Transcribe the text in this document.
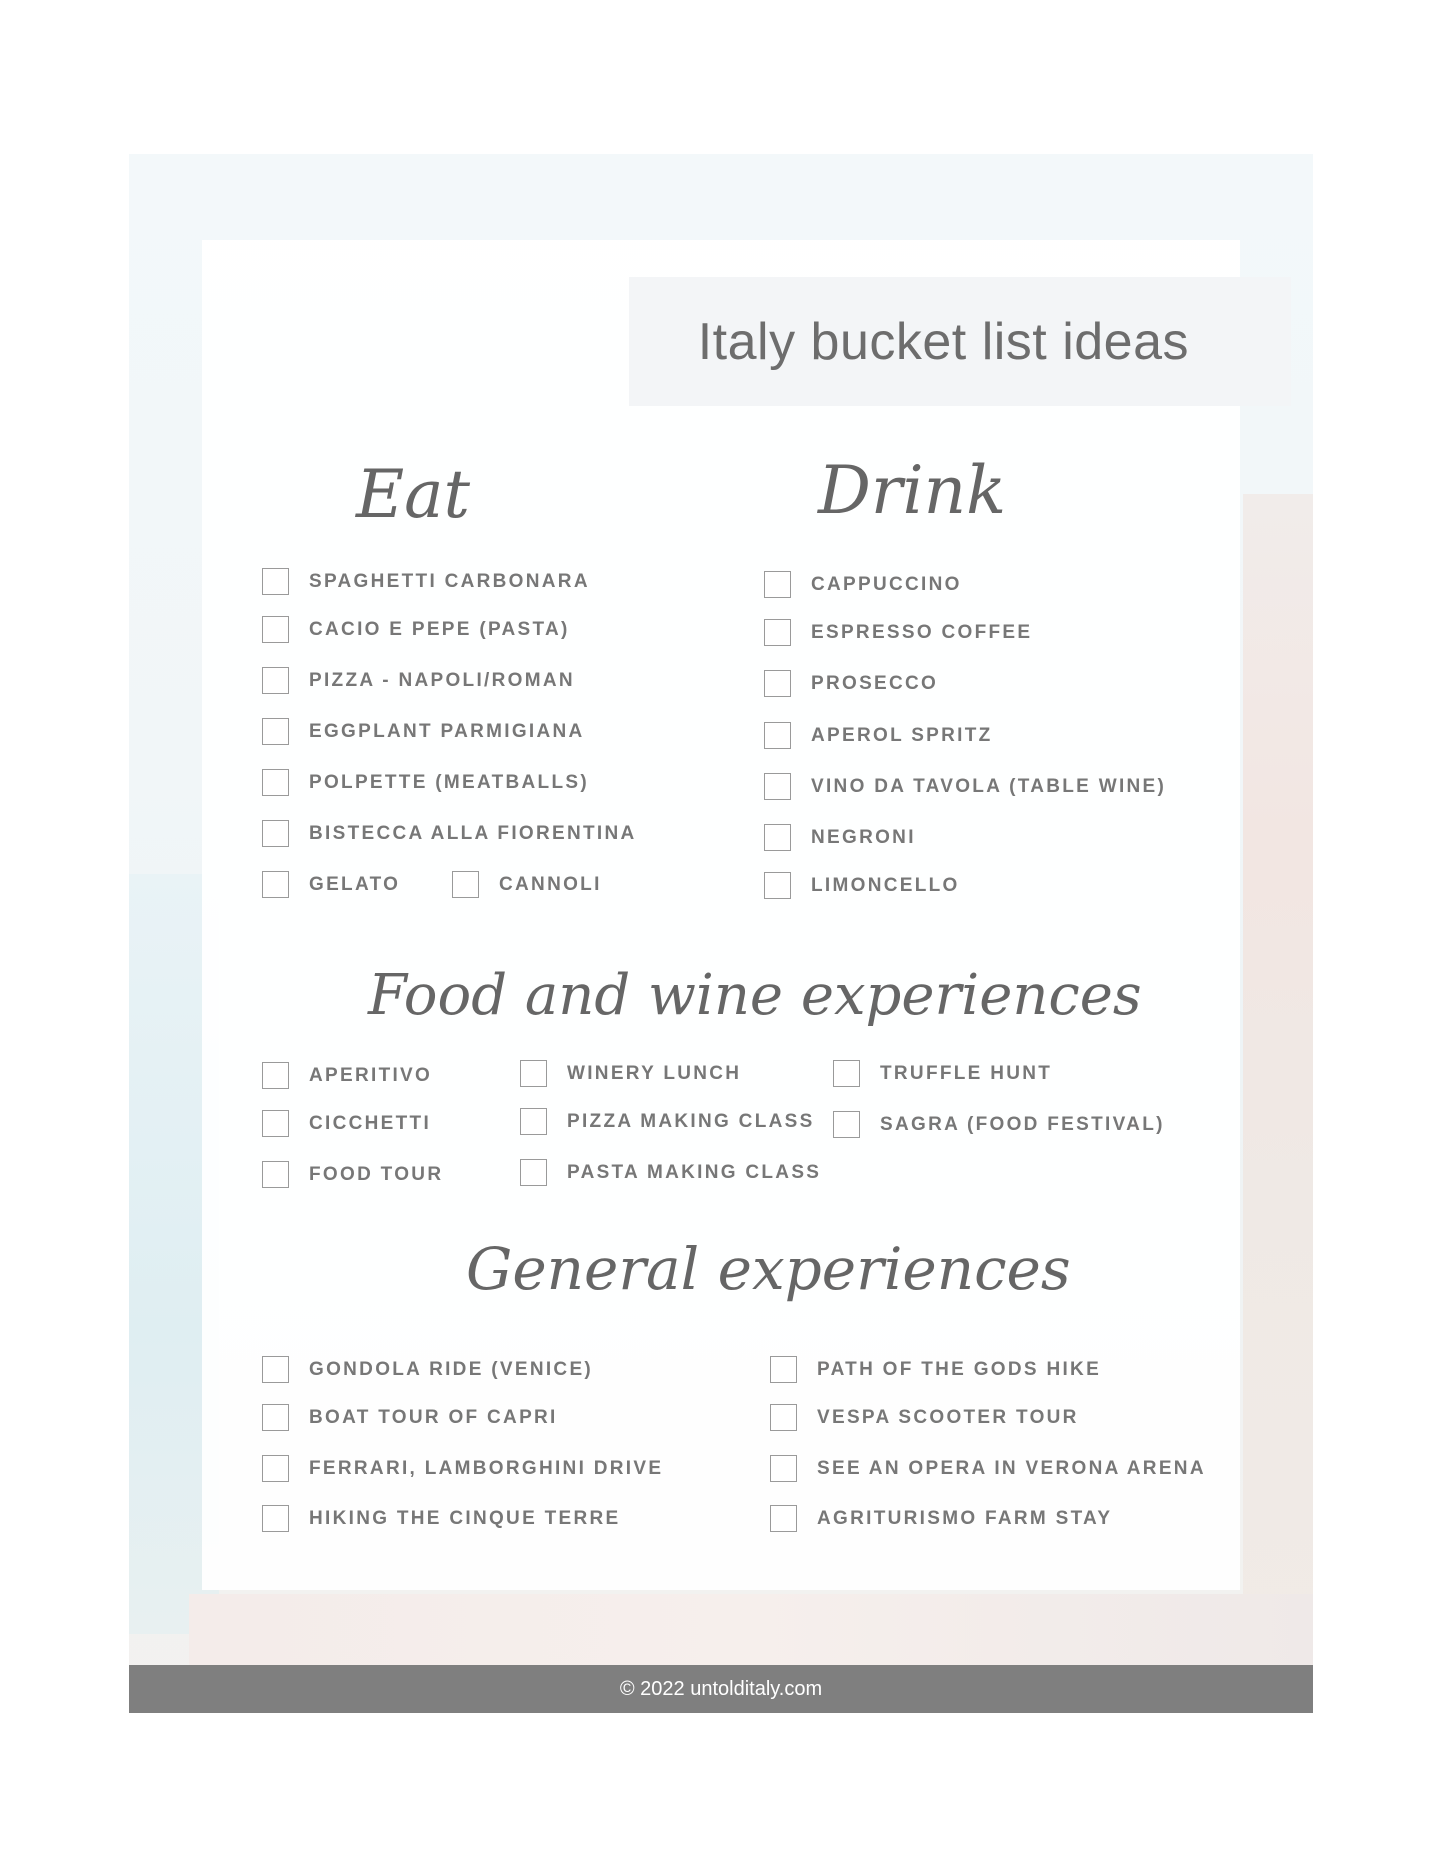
Italy bucket list ideas
Eat
SPAGHETTI CARBONARA
CACIO E PEPE (PASTA)
PIZZA - NAPOLI/ROMAN
EGGPLANT PARMIGIANA
POLPETTE (MEATBALLS)
BISTECCA ALLA FIORENTINA
GELATO	CANNOLI
Drink
CAPPUCCINO
ESPRESSO COFFEE
PROSECCO
APEROL SPRITZ
VINO DA TAVOLA (TABLE WINE)
NEGRONI
LIMONCELLO
Food and wine experiences
APERITIVO
CICCHETTI
FOOD TOUR
WINERY LUNCH
PIZZA MAKING CLASS
PASTA MAKING CLASS
TRUFFLE HUNT
SAGRA (FOOD FESTIVAL)
General experiences
GONDOLA RIDE (VENICE)
BOAT TOUR OF CAPRI
FERRARI, LAMBORGHINI DRIVE
HIKING THE CINQUE TERRE
PATH OF THE GODS HIKE
VESPA SCOOTER TOUR
SEE AN OPERA IN VERONA ARENA
AGRITURISMO FARM STAY
© 2022 untolditaly.com
